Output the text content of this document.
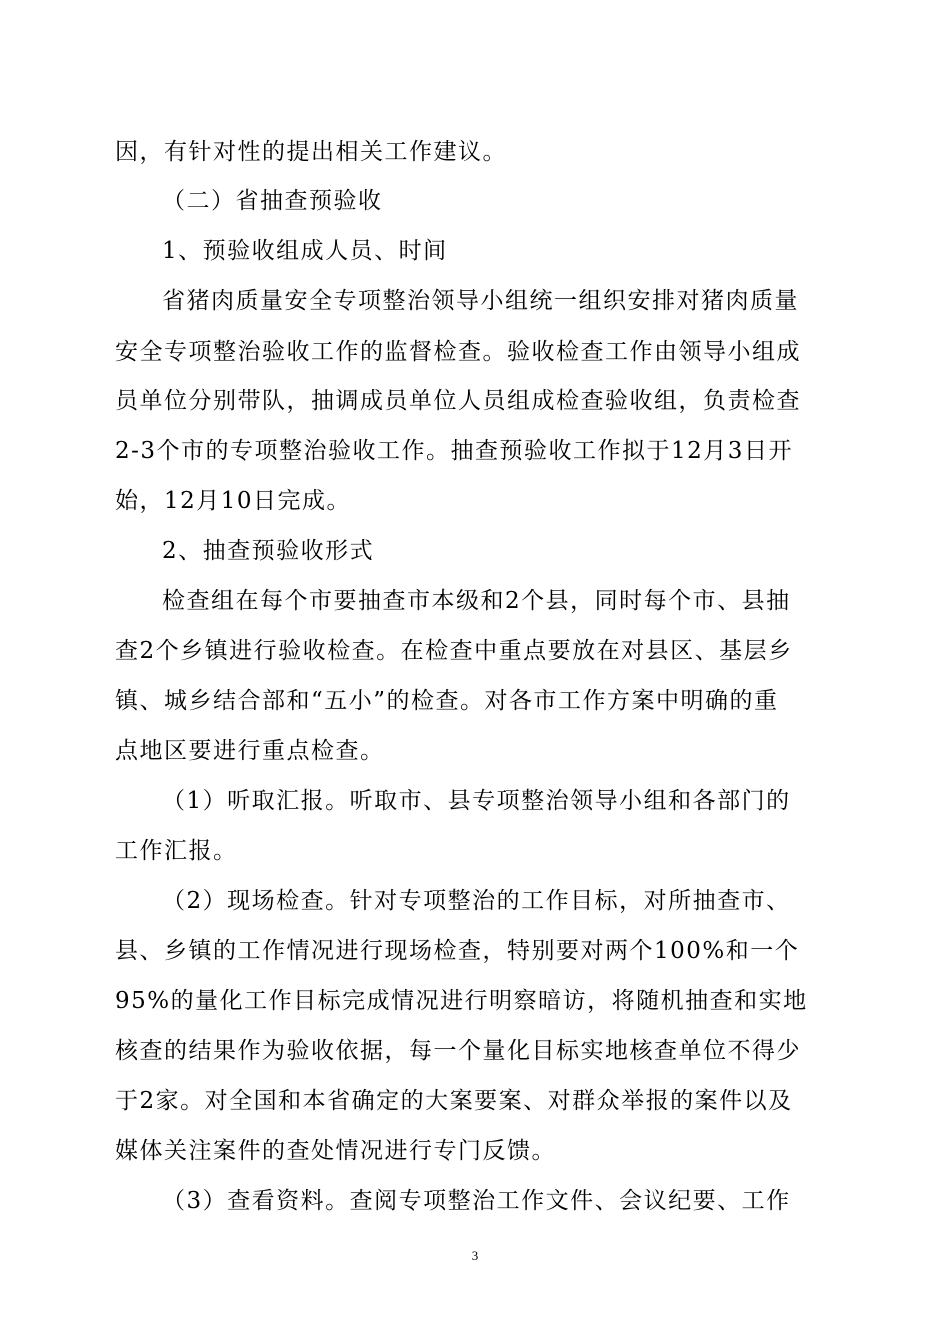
因，有针对性的提出相关工作建议。
（二）省抽查预验收
1、预验收组成人员、时间
省猪肉质量安全专项整治领导小组统一组织安排对猪肉质量
安全专项整治验收工作的监督检查。验收检查工作由领导小组成
员单位分别带队，抽调成员单位人员组成检查验收组，负责检查
2-3个市的专项整治验收工作。抽查预验收工作拟于12月3日开
始，12月10日完成。
2、抽查预验收形式
检查组在每个市要抽查市本级和2个县，同时每个市、县抽
查2个乡镇进行验收检查。在检查中重点要放在对县区、基层乡
镇、城乡结合部和“五小”的检查。对各市工作方案中明确的重
点地区要进行重点检查。
（1）听取汇报。听取市、县专项整治领导小组和各部门的
工作汇报。
（2）现场检查。针对专项整治的工作目标，对所抽查市、
县、乡镇的工作情况进行现场检查，特别要对两个100%和一个
95%的量化工作目标完成情况进行明察暗访，将随机抽查和实地
核查的结果作为验收依据，每一个量化目标实地核查单位不得少
于2家。对全国和本省确定的大案要案、对群众举报的案件以及
媒体关注案件的查处情况进行专门反馈。
（3）查看资料。查阅专项整治工作文件、会议纪要、工作
3
